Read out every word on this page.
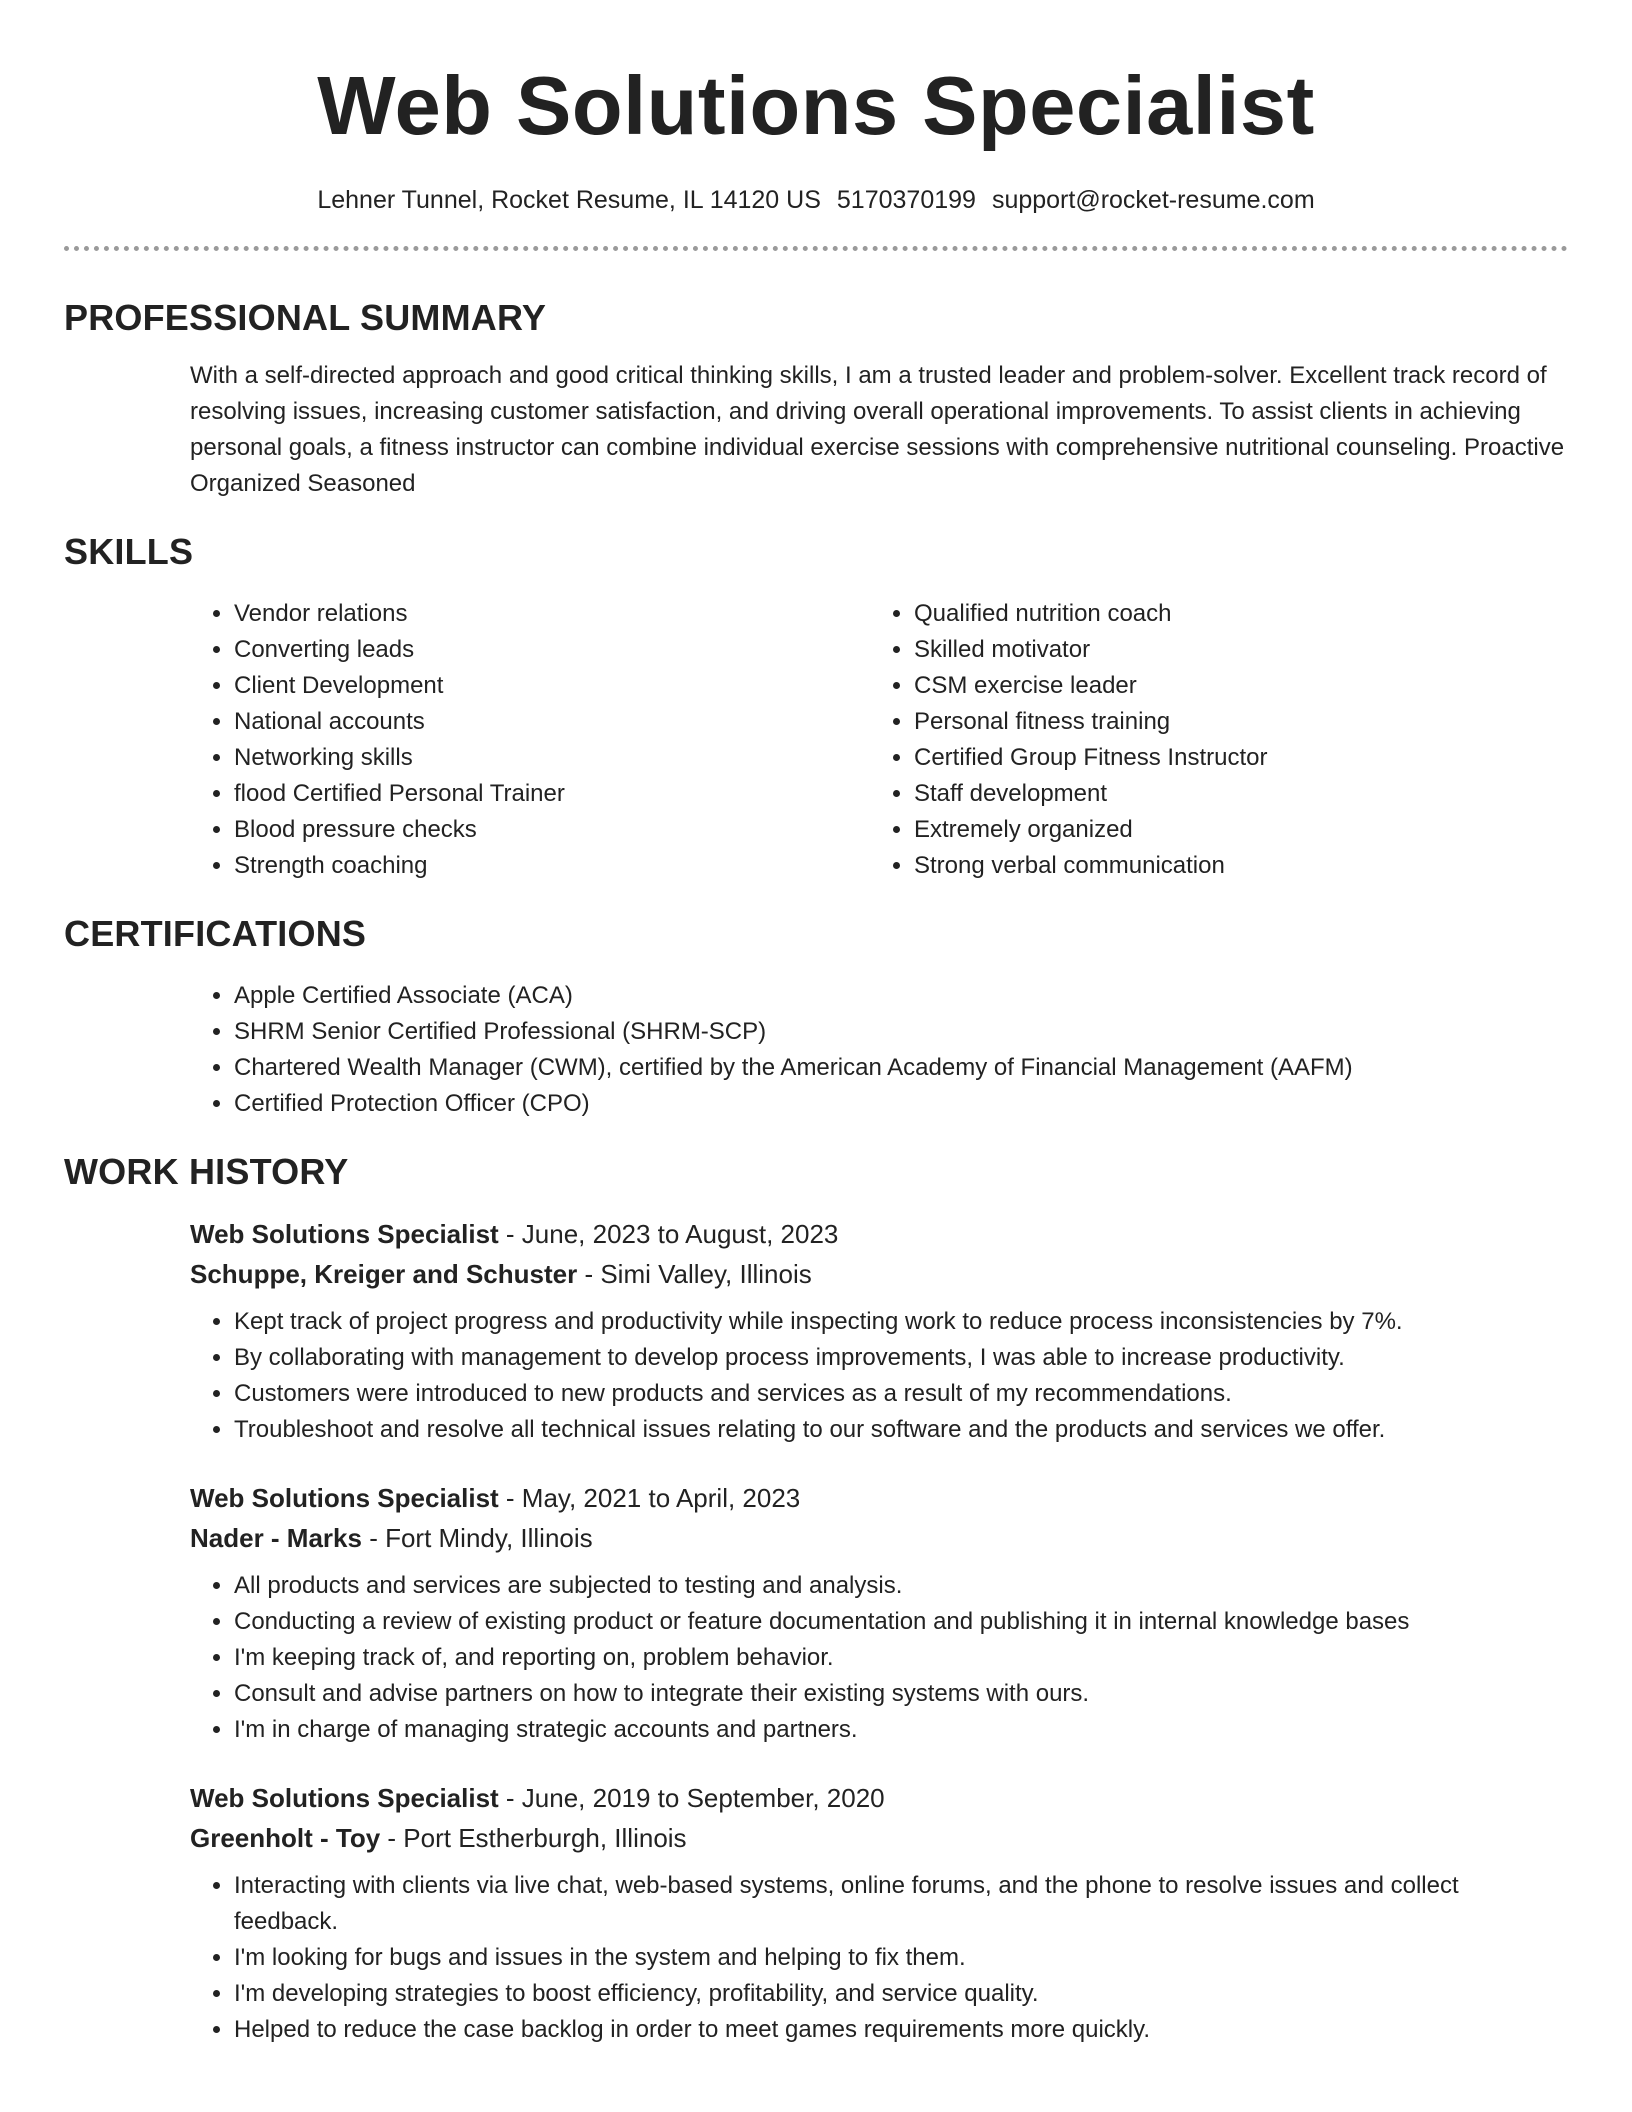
Web Solutions Specialist
Lehner Tunnel, Rocket Resume, IL 14120 US 5170370199 support@rocket-resume.com
PROFESSIONAL SUMMARY
With a self-directed approach and good critical thinking skills, I am a trusted leader and problem-solver. Excellent track record of resolving issues, increasing customer satisfaction, and driving overall operational improvements. To assist clients in achieving personal goals, a fitness instructor can combine individual exercise sessions with comprehensive nutritional counseling. Proactive Organized Seasoned
SKILLS
• Vendor relations
• Converting leads
• Client Development
• National accounts
• Networking skills
• flood Certified Personal Trainer
• Blood pressure checks
• Strength coaching
• Qualified nutrition coach
• Skilled motivator
• CSM exercise leader
• Personal fitness training
• Certified Group Fitness Instructor
• Staff development
• Extremely organized
• Strong verbal communication
CERTIFICATIONS
• Apple Certified Associate (ACA)
• SHRM Senior Certified Professional (SHRM-SCP)
• Chartered Wealth Manager (CWM), certified by the American Academy of Financial Management (AAFM)
• Certified Protection Officer (CPO)
WORK HISTORY
Web Solutions Specialist - June, 2023 to August, 2023
Schuppe, Kreiger and Schuster - Simi Valley, Illinois
• Kept track of project progress and productivity while inspecting work to reduce process inconsistencies by 7%.
• By collaborating with management to develop process improvements, I was able to increase productivity.
• Customers were introduced to new products and services as a result of my recommendations.
• Troubleshoot and resolve all technical issues relating to our software and the products and services we offer.
Web Solutions Specialist - May, 2021 to April, 2023
Nader - Marks - Fort Mindy, Illinois
• All products and services are subjected to testing and analysis.
• Conducting a review of existing product or feature documentation and publishing it in internal knowledge bases
• I'm keeping track of, and reporting on, problem behavior.
• Consult and advise partners on how to integrate their existing systems with ours.
• I'm in charge of managing strategic accounts and partners.
Web Solutions Specialist - June, 2019 to September, 2020
Greenholt - Toy - Port Estherburgh, Illinois
• Interacting with clients via live chat, web-based systems, online forums, and the phone to resolve issues and collect feedback.
• I'm looking for bugs and issues in the system and helping to fix them.
• I'm developing strategies to boost efficiency, profitability, and service quality.
• Helped to reduce the case backlog in order to meet games requirements more quickly.
